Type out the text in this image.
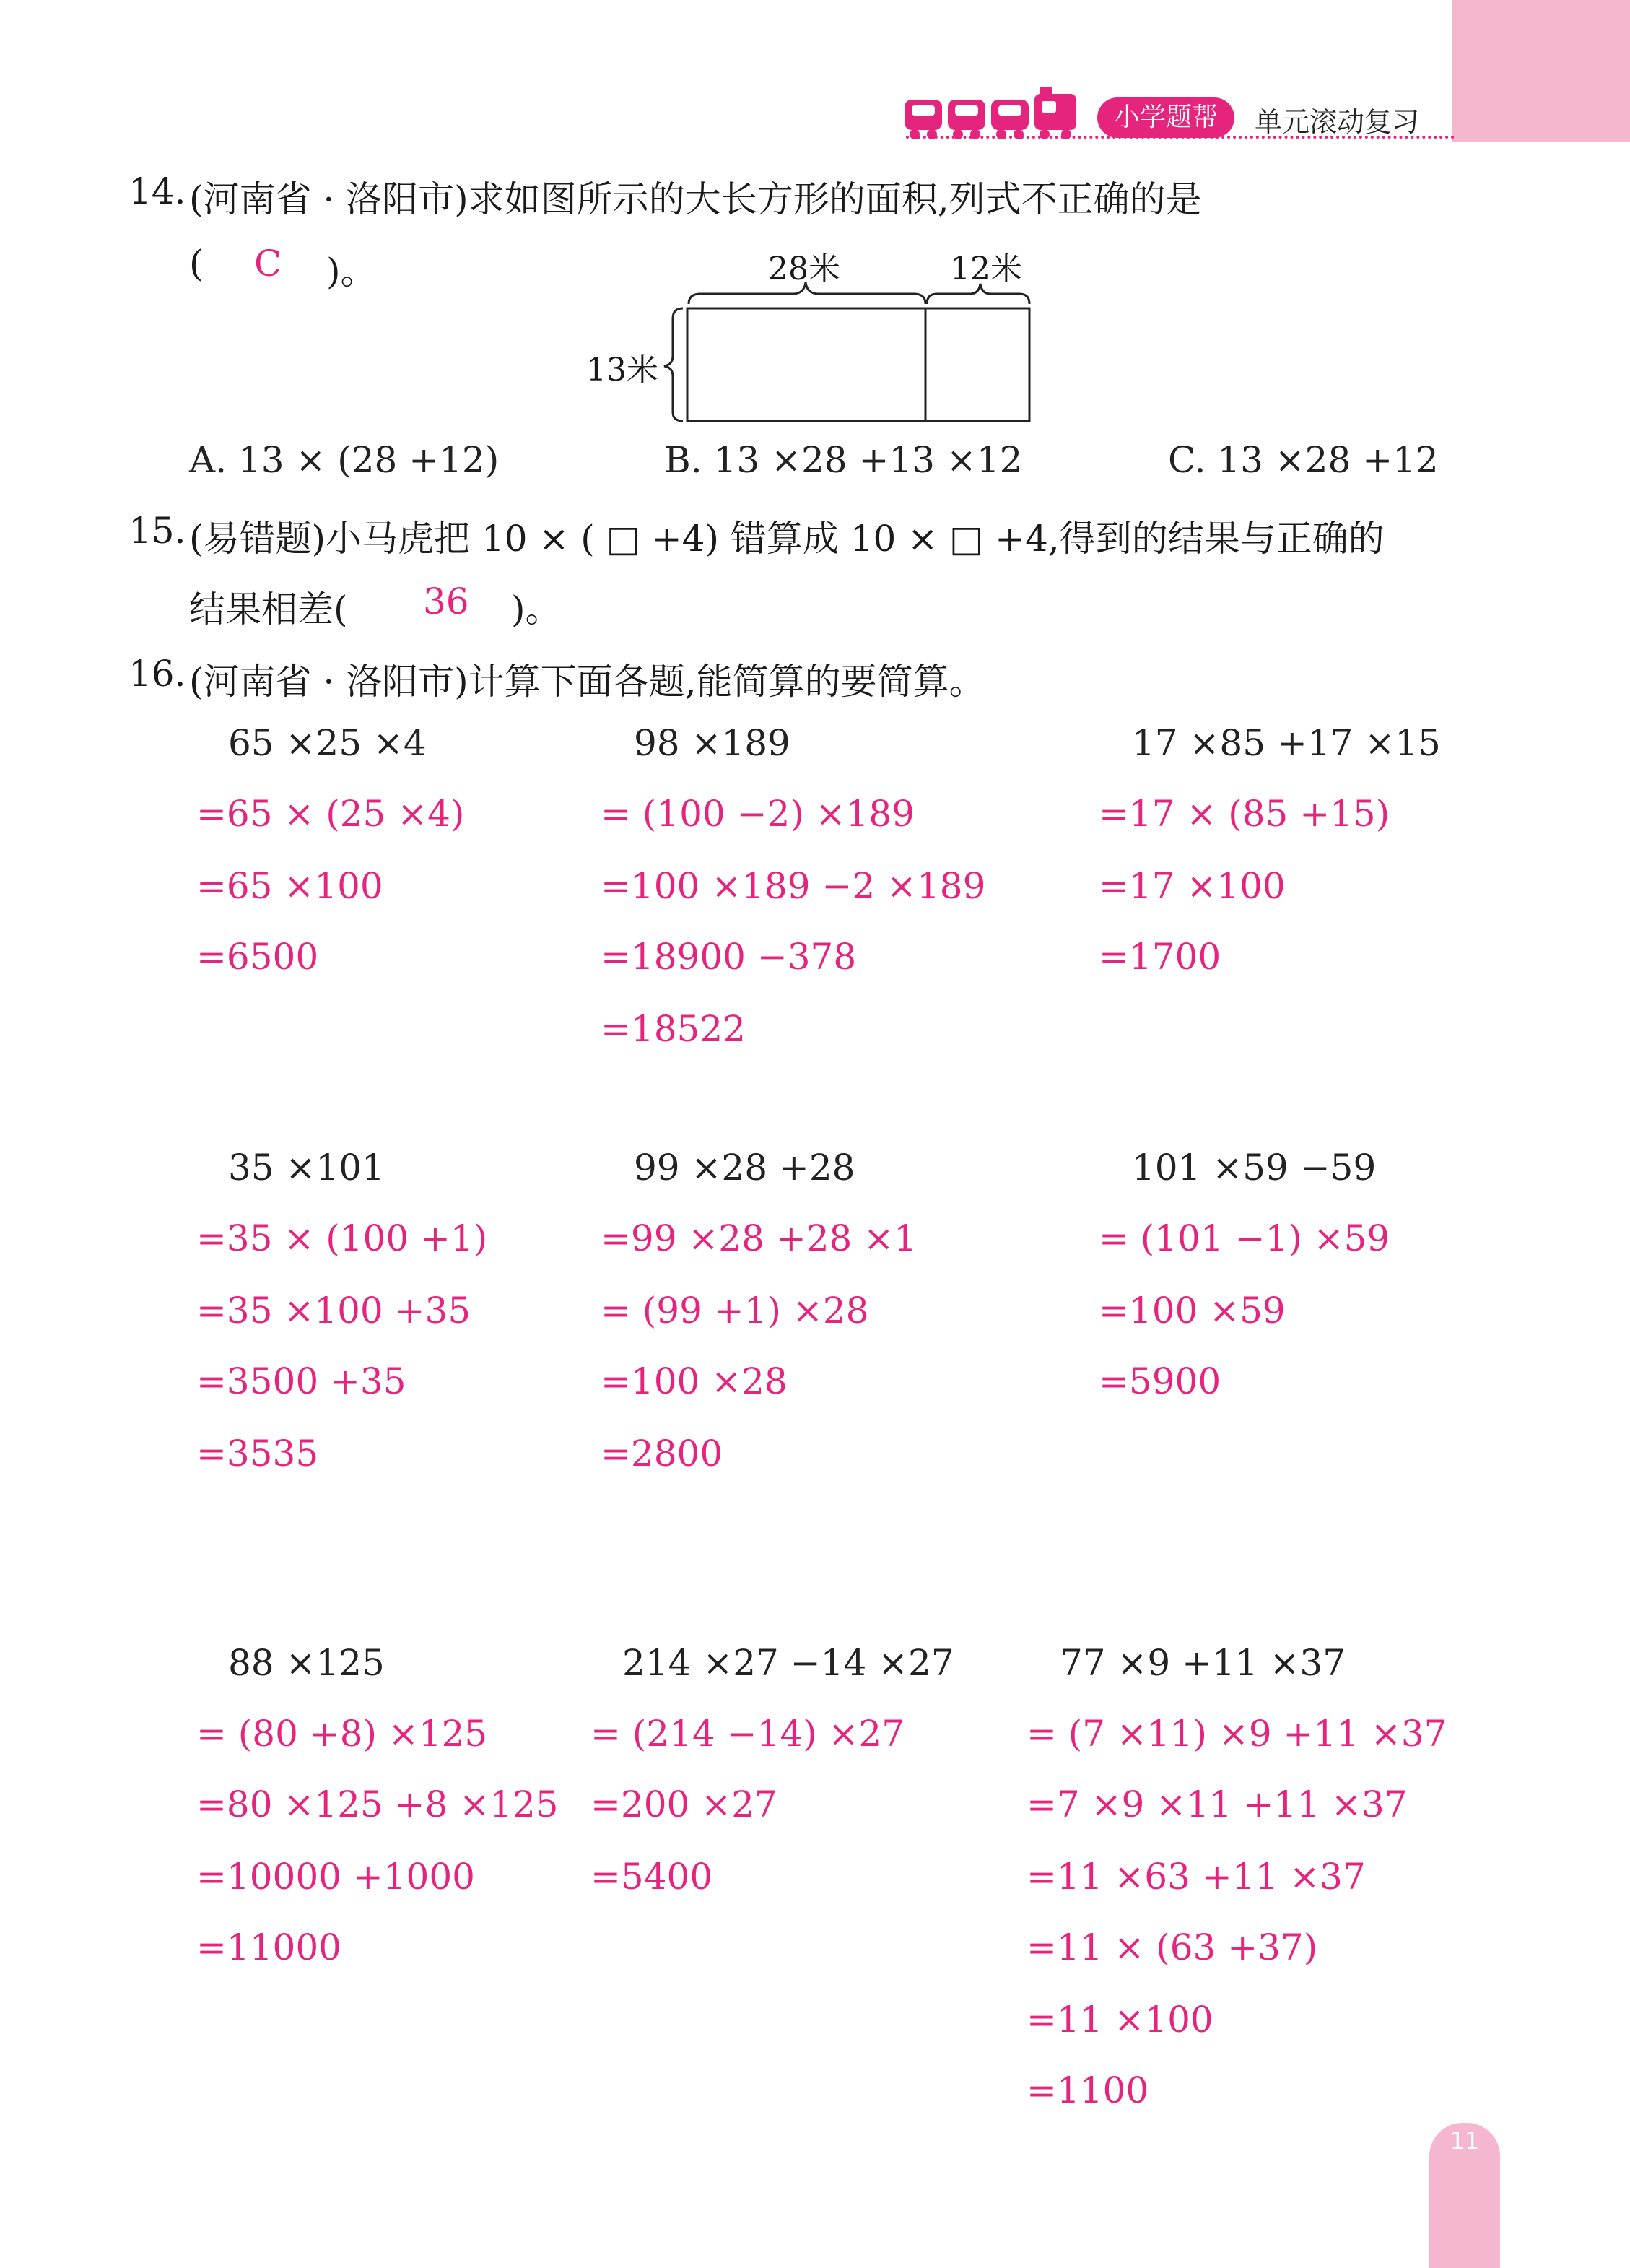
小学题帮	单元滚动复习
14. (河南省 · 洛阳市)求如图所示的大长方形的面积,列式不正确的是
( C )。	28米	12米
13米
A. 13 × (28 +12)	B. 13 ×28 +13 ×12	C. 13 ×28 +12
15. (易错题)小马虎把 10 × ( □ +4) 错算成 10 × □ +4,得到的结果与正确的
结果相差( 36 )。
16. (河南省 · 洛阳市)计算下面各题,能简算的要简算。
65 ×25 ×4
=65 × (25 ×4)
=65 ×100
=6500
98 ×189
= (100 −2) ×189
=100 ×189 −2 ×189
=18900 −378
=18522
17 ×85 +17 ×15
=17 × (85 +15)
=17 ×100
=1700
35 ×101
=35 × (100 +1)
=35 ×100 +35
=3500 +35
=3535
99 ×28 +28
=99 ×28 +28 ×1
= (99 +1) ×28
=100 ×28
=2800
101 ×59 −59
= (101 −1) ×59
=100 ×59
=5900
88 ×125
= (80 +8) ×125
=80 ×125 +8 ×125
=10000 +1000
=11000
214 ×27 −14 ×27
= (214 −14) ×27
=200 ×27
=5400
77 ×9 +11 ×37
= (7 ×11) ×9 +11 ×37
=7 ×9 ×11 +11 ×37
=11 ×63 +11 ×37
=11 × (63 +37)
=11 ×100
=1100
11
